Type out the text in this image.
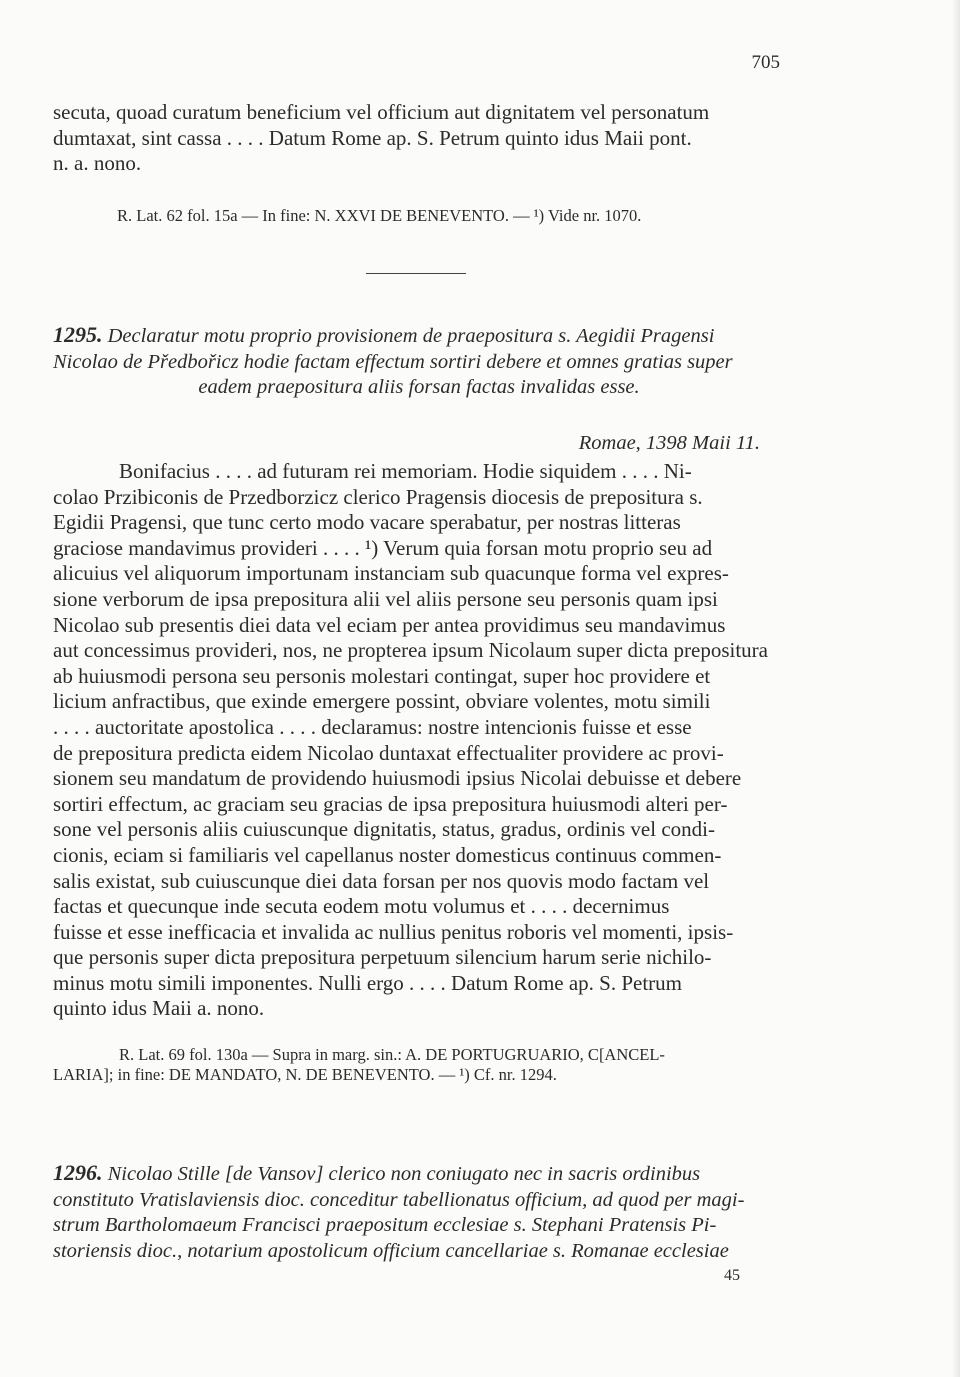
705

secuta, quoad curatum beneficium vel officium aut dignitatem vel personatum

dumtaxat, sint cassa . . . . Datum Rome ap. S. Petrum quinto idus Maii pont.

n. a. nono.

R. Lat. 62 fol. 15a — In fine: N. XXVI DE BENEVENTO. — ¹) Vide nr. 1070.

1295. Declaratur motu proprio provisionem de praepositura s. Aegidii Pragensi

Nicolao de Předbořicz hodie factam effectum sortiri debere et omnes gratias super

eadem praepositura aliis forsan factas invalidas esse.

Romae, 1398 Maii 11.

Bonifacius . . . . ad futuram rei memoriam. Hodie siquidem . . . . Ni-

colao Przibiconis de Przedborzicz clerico Pragensis diocesis de prepositura s.

Egidii Pragensi, que tunc certo modo vacare sperabatur, per nostras litteras

graciose mandavimus provideri . . . . ¹) Verum quia forsan motu proprio seu ad

alicuius vel aliquorum importunam instanciam sub quacunque forma vel expres-

sione verborum de ipsa prepositura alii vel aliis persone seu personis quam ipsi

Nicolao sub presentis diei data vel eciam per antea providimus seu mandavimus

aut concessimus provideri, nos, ne propterea ipsum Nicolaum super dicta prepositura

ab huiusmodi persona seu personis molestari contingat, super hoc providere et

licium anfractibus, que exinde emergere possint, obviare volentes, motu simili

. . . . auctoritate apostolica . . . . declaramus: nostre intencionis fuisse et esse

de prepositura predicta eidem Nicolao duntaxat effectualiter providere ac provi-

sionem seu mandatum de providendo huiusmodi ipsius Nicolai debuisse et debere

sortiri effectum, ac graciam seu gracias de ipsa prepositura huiusmodi alteri per-

sone vel personis aliis cuiuscunque dignitatis, status, gradus, ordinis vel condi-

cionis, eciam si familiaris vel capellanus noster domesticus continuus commen-

salis existat, sub cuiuscunque diei data forsan per nos quovis modo factam vel

factas et quecunque inde secuta eodem motu volumus et . . . . decernimus

fuisse et esse inefficacia et invalida ac nullius penitus roboris vel momenti, ipsis-

que personis super dicta prepositura perpetuum silencium harum serie nichilo-

minus motu simili imponentes. Nulli ergo . . . . Datum Rome ap. S. Petrum

quinto idus Maii a. nono.

R. Lat. 69 fol. 130a — Supra in marg. sin.: A. DE PORTUGRUARIO, C[ANCEL-

LARIA]; in fine: DE MANDATO, N. DE BENEVENTO. — ¹) Cf. nr. 1294.

1296. Nicolao Stille [de Vansov] clerico non coniugato nec in sacris ordinibus

constituto Vratislaviensis dioc. conceditur tabellionatus officium, ad quod per magi-

strum Bartholomaeum Francisci praepositum ecclesiae s. Stephani Pratensis Pi-

storiensis dioc., notarium apostolicum officium cancellariae s. Romanae ecclesiae

45
